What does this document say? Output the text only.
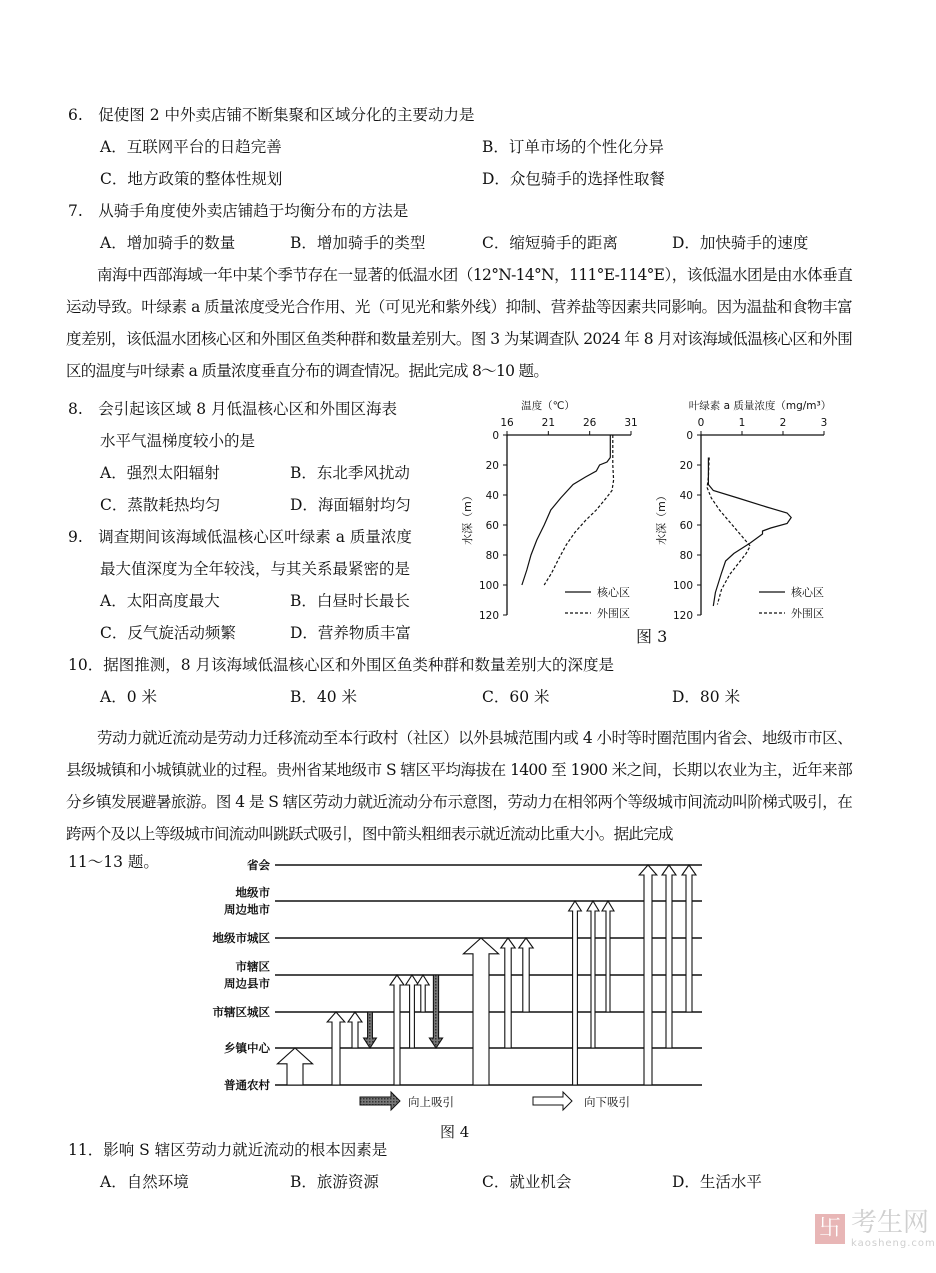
6.　促使图 2 中外卖店铺不断集聚和区域分化的主要动力是
A．互联网平台的日趋完善	B．订单市场的个性化分异
C．地方政策的整体性规划	D．众包骑手的选择性取餐
7.　从骑手角度使外卖店铺趋于均衡分布的方法是
A．增加骑手的数量	B．增加骑手的类型	C．缩短骑手的距离	D．加快骑手的速度
南海中西部海域一年中某个季节存在一显著的低温水团（12°N-14°N，111°E-114°E），该低温水团是由水体垂直运动导致。叶绿素 a 质量浓度受光合作用、光（可见光和紫外线）抑制、营养盐等因素共同影响。因为温盐和食物丰富度差别，该低温水团核心区和外围区鱼类种群和数量差别大。图 3 为某调查队 2024 年 8 月对该海域低温核心区和外围区的温度与叶绿素 a 质量浓度垂直分布的调查情况。据此完成 8～10 题。
8.　会引起该区域 8 月低温核心区和外围区海表
水平气温梯度较小的是
A．强烈太阳辐射	B．东北季风扰动
C．蒸散耗热均匀	D．海面辐射均匀
9.　调查期间该海域低温核心区叶绿素 a 质量浓度
最大值深度为全年较浅，与其关系最紧密的是
A．太阳高度最大	B．白昼时长最长
C．反气旋活动频繁	D．营养物质丰富
10．据图推测，8 月该海域低温核心区和外围区鱼类种群和数量差别大的深度是
A．0 米	B．40 米	C．60 米	D．80 米
劳动力就近流动是劳动力迁移流动至本行政村（社区）以外县城范围内或 4 小时等时圈范围内省会、地级市市区、县级城镇和小城镇就业的过程。贵州省某地级市 S 辖区平均海拔在 1400 至 1900 米之间，长期以农业为主，近年来部分乡镇发展避暑旅游。图 4 是 S 辖区劳动力就近流动分布示意图，劳动力在相邻两个等级城市间流动叫阶梯式吸引，在跨两个及以上等级城市间流动叫跳跃式吸引，图中箭头粗细表示就近流动比重大小。据此完成
11～13 题。
温度（℃）
16	21	26	31
0
20
40
60
80
100
120
水深（m）
核心区
外围区
叶绿素 a 质量浓度（mg/m³）
0	1	2	3
0
20
40
60
80
100
120
水深（m）
核心区
外围区
图 3
省会
地级市
周边地市
地级市城区
市辖区
周边县市
市辖区城区
乡镇中心
普通农村
向上吸引	向下吸引
图 4
11．影响 S 辖区劳动力就近流动的根本因素是
A．自然环境	B．旅游资源	C．就业机会	D．生活水平
卐 考生网
kaosheng.com
